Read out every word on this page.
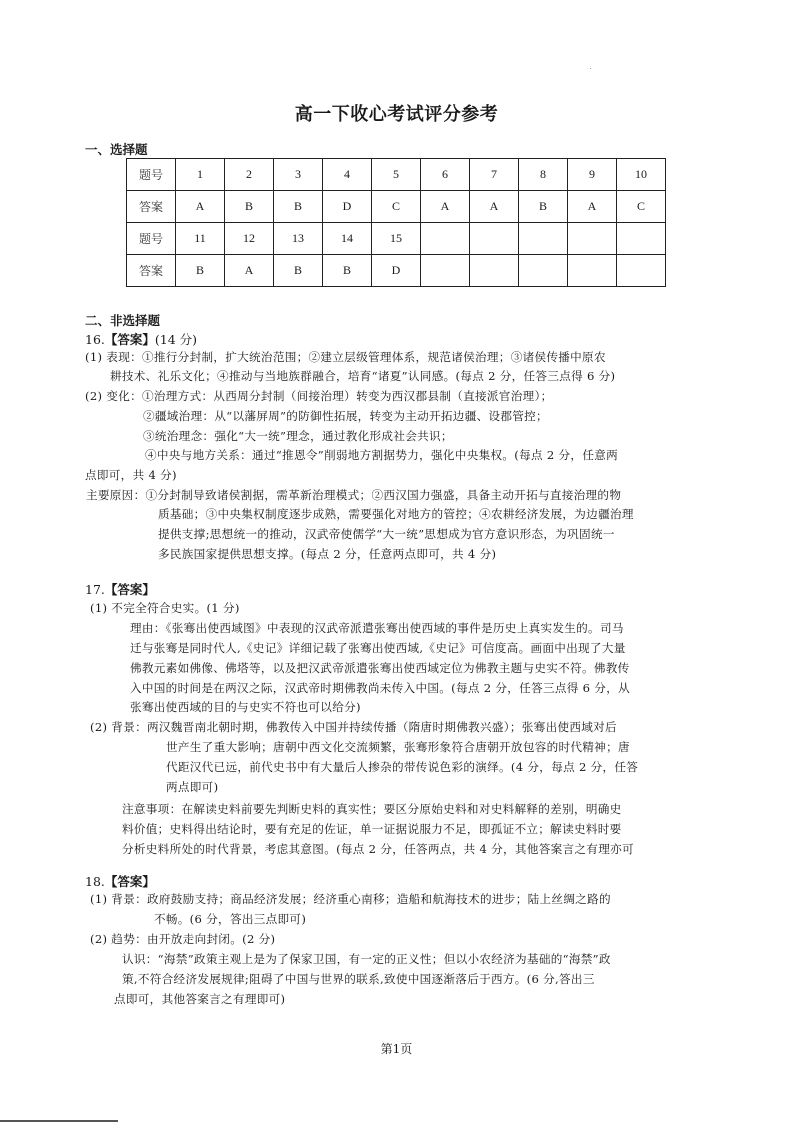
高一下收心考试评分参考
一、选择题
题号	1	2	3	4	5	6	7	8	9	10
答案	A	B	B	D	C	A	A	B	A	C
题号	11	12	13	14	15					
答案	B	A	B	B	D					
二、非选择题
16.【答案】(14 分)
(1) 表现：①推行分封制，扩大统治范围；②建立层级管理体系，规范诸侯治理；③诸侯传播中原农
耕技术、礼乐文化；④推动与当地族群融合，培育“诸夏”认同感。(每点 2 分，任答三点得 6 分)
(2) 变化：①治理方式：从西周分封制（间接治理）转变为西汉郡县制（直接派官治理）；
②疆域治理：从“以藩屏周”的防御性拓展，转变为主动开拓边疆、设郡管控；
③统治理念：强化“大一统”理念，通过教化形成社会共识；
④中央与地方关系：通过“推恩令”削弱地方割据势力，强化中央集权。(每点 2 分，任意两
点即可，共 4 分)
主要原因：①分封制导致诸侯割据，需革新治理模式；②西汉国力强盛，具备主动开拓与直接治理的物
质基础；③中央集权制度逐步成熟，需要强化对地方的管控；④农耕经济发展，为边疆治理
提供支撑;思想统一的推动，汉武帝使儒学“大一统”思想成为官方意识形态，为巩固统一
多民族国家提供思想支撑。(每点 2 分，任意两点即可，共 4 分)
17.【答案】
(1) 不完全符合史实。(1 分)
理由：《张骞出使西域图》中表现的汉武帝派遣张骞出使西域的事件是历史上真实发生的。司马
迁与张骞是同时代人,《史记》详细记载了张骞出使西域,《史记》可信度高。画面中出现了大量
佛教元素如佛像、佛塔等，以及把汉武帝派遣张骞出使西域定位为佛教主题与史实不符。佛教传
入中国的时间是在两汉之际，汉武帝时期佛教尚未传入中国。(每点 2 分，任答三点得 6 分，从
张骞出使西域的目的与史实不符也可以给分)
(2) 背景：两汉魏晋南北朝时期，佛教传入中国并持续传播（隋唐时期佛教兴盛）；张骞出使西域对后
世产生了重大影响；唐朝中西文化交流频繁，张骞形象符合唐朝开放包容的时代精神；唐
代距汉代已远，前代史书中有大量后人掺杂的带传说色彩的演绎。(4 分，每点 2 分，任答
两点即可)
注意事项：在解读史料前要先判断史料的真实性；要区分原始史料和对史料解释的差别，明确史
料价值；史料得出结论时，要有充足的佐证，单一证据说服力不足，即孤证不立；解读史料时要
分析史料所处的时代背景，考虑其意图。(每点 2 分，任答两点，共 4 分，其他答案言之有理亦可
18.【答案】
(1) 背景：政府鼓励支持；商品经济发展；经济重心南移；造船和航海技术的进步；陆上丝绸之路的
不畅。(6 分，答出三点即可)
(2) 趋势：由开放走向封闭。(2 分)
认识：“海禁”政策主观上是为了保家卫国，有一定的正义性；但以小农经济为基础的“海禁”政
策,不符合经济发展规律;阻碍了中国与世界的联系,致使中国逐渐落后于西方。(6 分,答出三
点即可，其他答案言之有理即可)
第1页
